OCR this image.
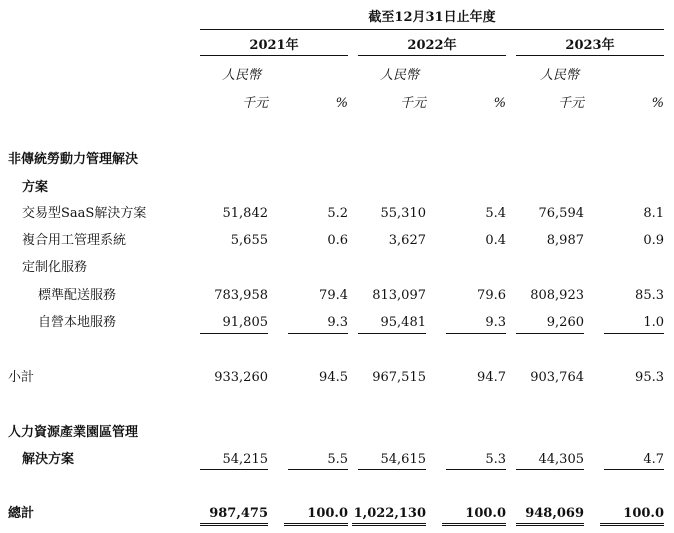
截至12月31日止年度
2021年	2022年	2023年
人民幣	人民幣	人民幣
千元	%	千元	%	千元	%
非傳統勞動力管理解決
方案
交易型SaaS解決方案	51,842	5.2	55,310	5.4	76,594	8.1
複合用工管理系統	5,655	0.6	3,627	0.4	8,987	0.9
定制化服務
標準配送服務	783,958	79.4	813,097	79.6	808,923	85.3
自營本地服務	91,805	9.3	95,481	9.3	9,260	1.0
小計	933,260	94.5	967,515	94.7	903,764	95.3
人力資源產業園區管理
解決方案	54,215	5.5	54,615	5.3	44,305	4.7
總計	987,475	100.0 1,022,130	100.0	948,069	100.0
